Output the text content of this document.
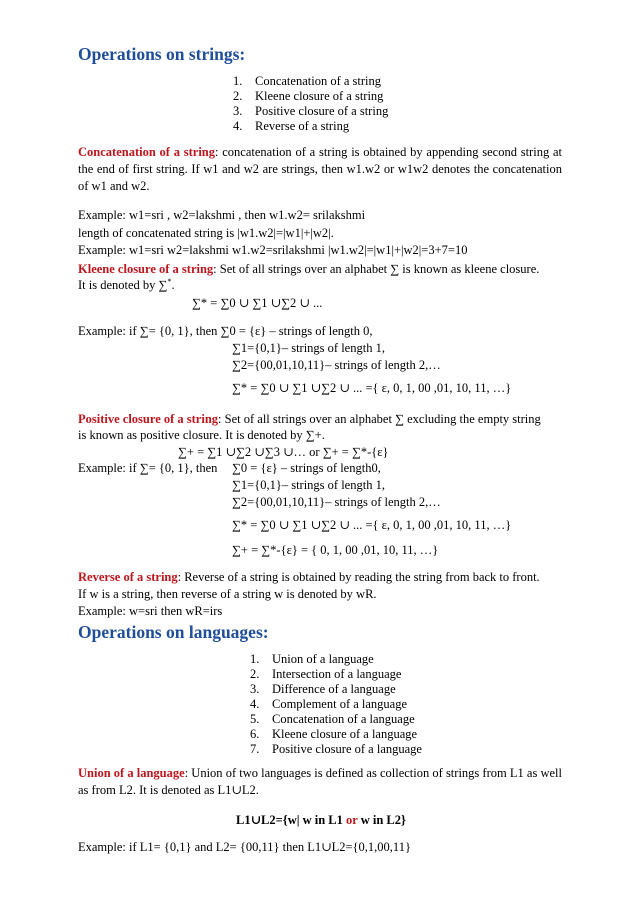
Operations on strings:
1. Concatenation of a string
2. Kleene closure of a string
3. Positive closure of a string
4. Reverse of a string
Concatenation of a string: concatenation of a string is obtained by appending second string at the end of first string. If w1 and w2 are strings, then w1.w2 or w1w2 denotes the concatenation of w1 and w2.
Example: w1=sri , w2=lakshmi , then w1.w2= srilakshmi
length of concatenated string is |w1.w2|=|w1|+|w2|.
Example: w1=sri w2=lakshmi w1.w2=srilakshmi |w1.w2|=|w1|+|w2|=3+7=10
Kleene closure of a string: Set of all strings over an alphabet ∑ is known as kleene closure.
It is denoted by ∑*.
∑* = ∑0 ∪ ∑1 ∪∑2 ∪ ...
Example: if ∑= {0, 1}, then ∑0 = {ε} – strings of length 0,
∑1={0,1}– strings of length 1,
∑2={00,01,10,11}– strings of length 2,…
∑* = ∑0 ∪ ∑1 ∪∑2 ∪ ... ={ ε, 0, 1, 00 ,01, 10, 11, …}
Positive closure of a string: Set of all strings over an alphabet ∑ excluding the empty string
is known as positive closure. It is denoted by ∑+.
∑+ = ∑1 ∪∑2 ∪∑3 ∪… or ∑+ = ∑*-{ε}
Example: if ∑= {0, 1}, then ∑0 = {ε} – strings of length0,
∑1={0,1}– strings of length 1,
∑2={00,01,10,11}– strings of length 2,…
∑* = ∑0 ∪ ∑1 ∪∑2 ∪ ... ={ ε, 0, 1, 00 ,01, 10, 11, …}
∑+ = ∑*-{ε} = { 0, 1, 00 ,01, 10, 11, …}
Reverse of a string: Reverse of a string is obtained by reading the string from back to front.
If w is a string, then reverse of a string w is denoted by wR.
Example: w=sri then wR=irs
Operations on languages:
1. Union of a language
2. Intersection of a language
3. Difference of a language
4. Complement of a language
5. Concatenation of a language
6. Kleene closure of a language
7. Positive closure of a language
Union of a language: Union of two languages is defined as collection of strings from L1 as well as from L2. It is denoted as L1∪L2.
L1∪L2={w| w in L1 or w in L2}
Example: if L1= {0,1} and L2= {00,11} then L1∪L2={0,1,00,11}
